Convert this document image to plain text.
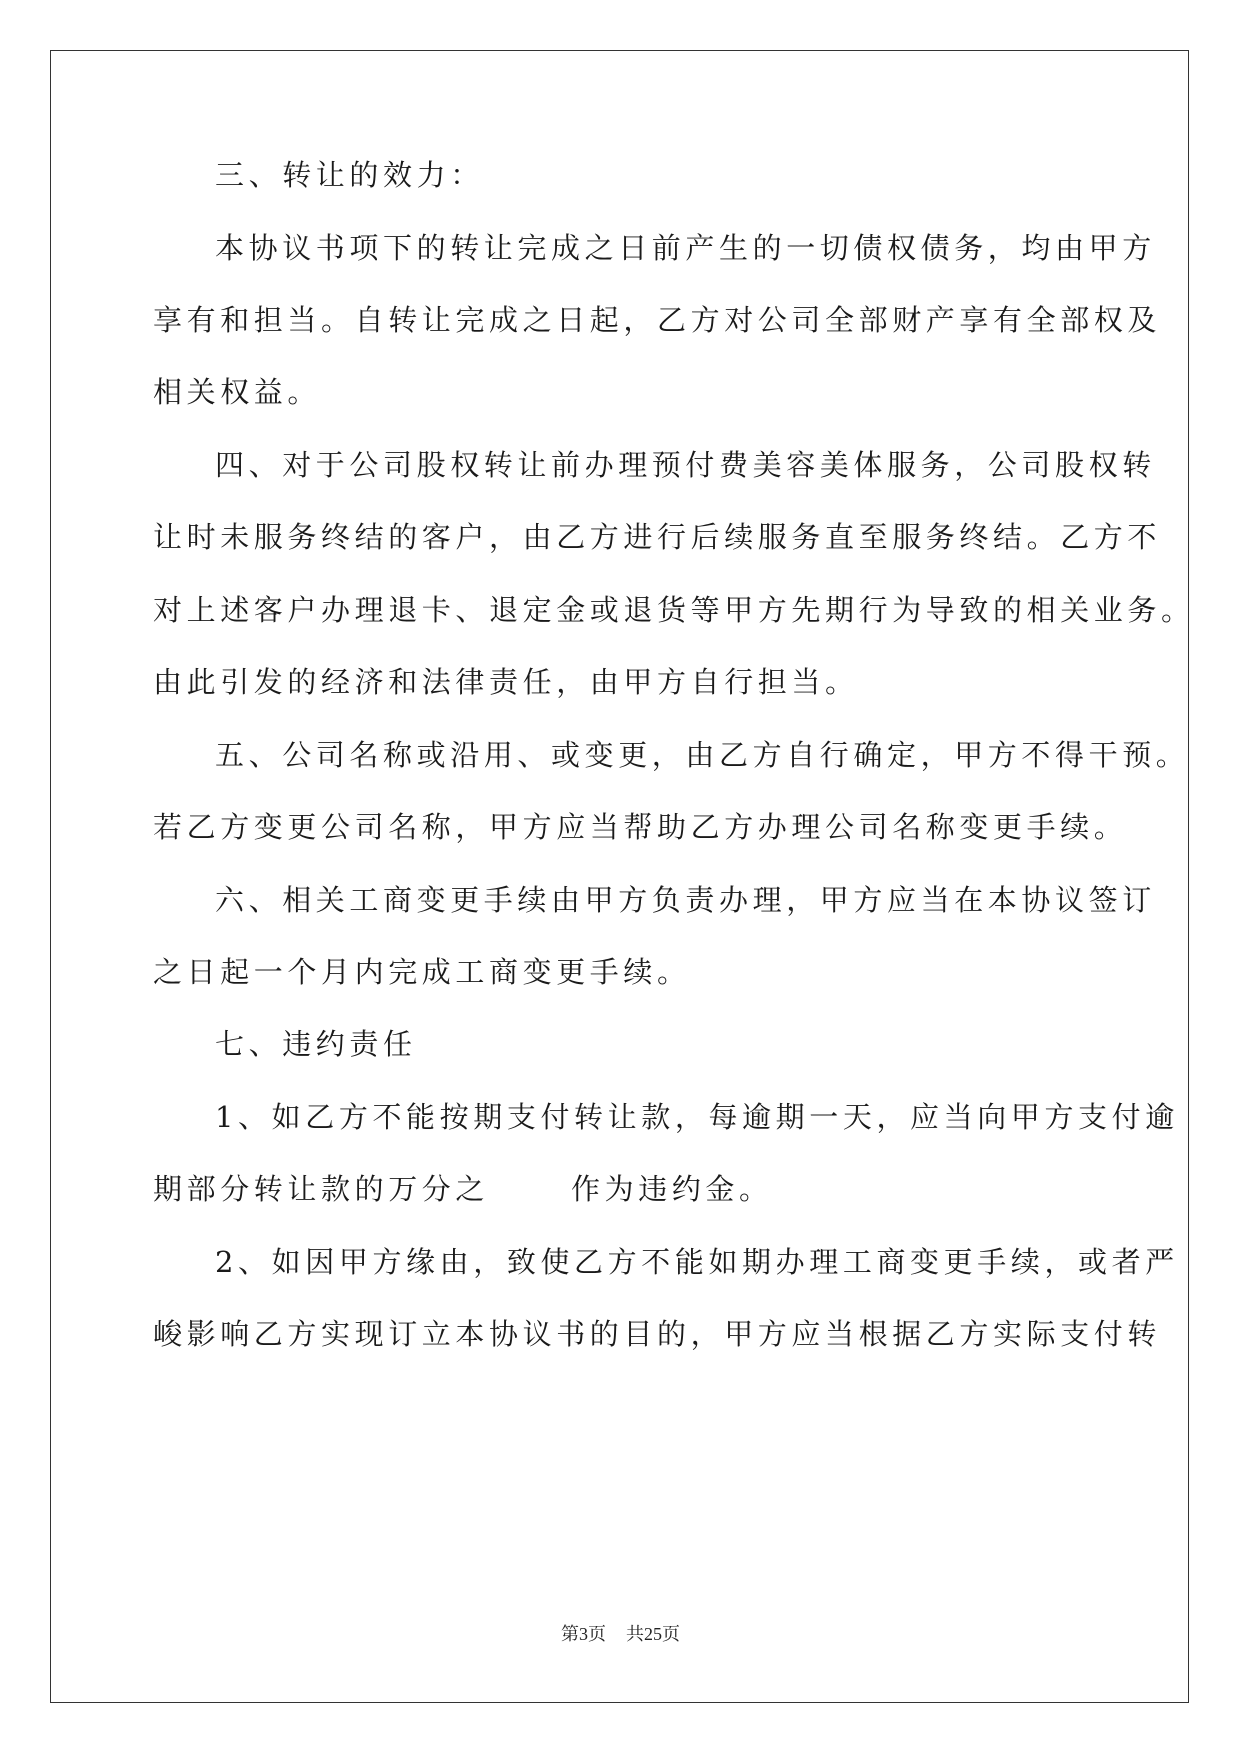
三、转让的效力：
本协议书项下的转让完成之日前产生的一切债权债务，均由甲方
享有和担当。自转让完成之日起，乙方对公司全部财产享有全部权及
相关权益。
四、对于公司股权转让前办理预付费美容美体服务，公司股权转
让时未服务终结的客户，由乙方进行后续服务直至服务终结。乙方不
对上述客户办理退卡、退定金或退货等甲方先期行为导致的相关业务。
由此引发的经济和法律责任，由甲方自行担当。
五、公司名称或沿用、或变更，由乙方自行确定，甲方不得干预。
若乙方变更公司名称，甲方应当帮助乙方办理公司名称变更手续。
六、相关工商变更手续由甲方负责办理，甲方应当在本协议签订
之日起一个月内完成工商变更手续。
七、违约责任
1、如乙方不能按期支付转让款，每逾期一天，应当向甲方支付逾
期部分转让款的万分之	作为违约金。
2、如因甲方缘由，致使乙方不能如期办理工商变更手续，或者严
峻影响乙方实现订立本协议书的目的，甲方应当根据乙方实际支付转
第3页 共25页
